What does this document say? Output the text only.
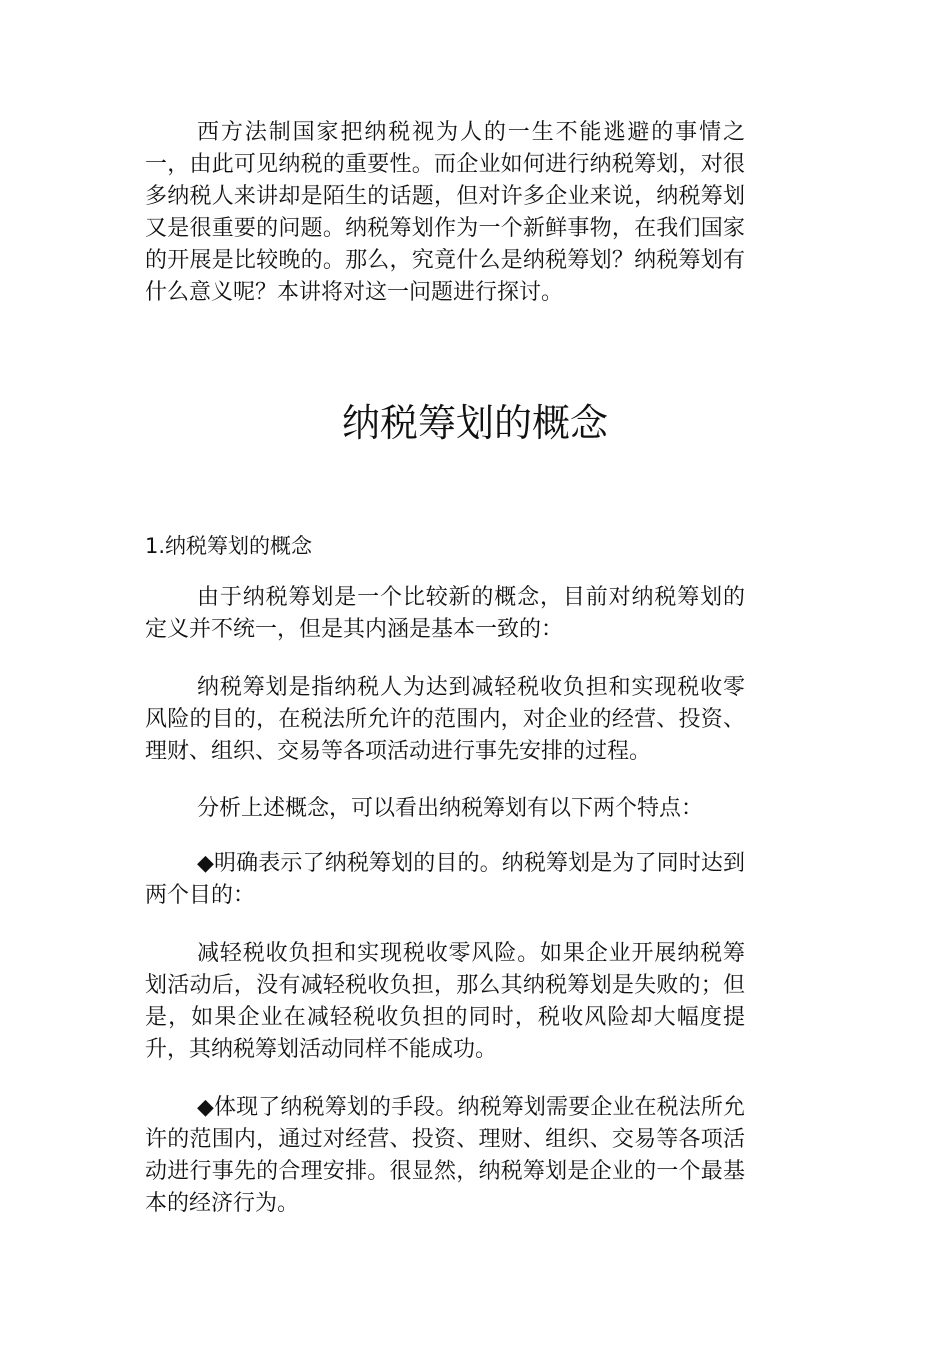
西方法制国家把纳税视为人的一生不能逃避的事情之一，由此可见纳税的重要性。而企业如何进行纳税筹划，对很多纳税人来讲却是陌生的话题，但对许多企业来说，纳税筹划又是很重要的问题。纳税筹划作为一个新鲜事物，在我们国家的开展是比较晚的。那么，究竟什么是纳税筹划？纳税筹划有什么意义呢？本讲将对这一问题进行探讨。

纳税筹划的概念

1.纳税筹划的概念

由于纳税筹划是一个比较新的概念，目前对纳税筹划的定义并不统一，但是其内涵是基本一致的：

纳税筹划是指纳税人为达到减轻税收负担和实现税收零风险的目的，在税法所允许的范围内，对企业的经营、投资、理财、组织、交易等各项活动进行事先安排的过程。

分析上述概念，可以看出纳税筹划有以下两个特点：

◆明确表示了纳税筹划的目的。纳税筹划是为了同时达到两个目的：

减轻税收负担和实现税收零风险。如果企业开展纳税筹划活动后，没有减轻税收负担，那么其纳税筹划是失败的；但是，如果企业在减轻税收负担的同时，税收风险却大幅度提升，其纳税筹划活动同样不能成功。

◆体现了纳税筹划的手段。纳税筹划需要企业在税法所允许的范围内，通过对经营、投资、理财、组织、交易等各项活动进行事先的合理安排。很显然，纳税筹划是企业的一个最基本的经济行为。
